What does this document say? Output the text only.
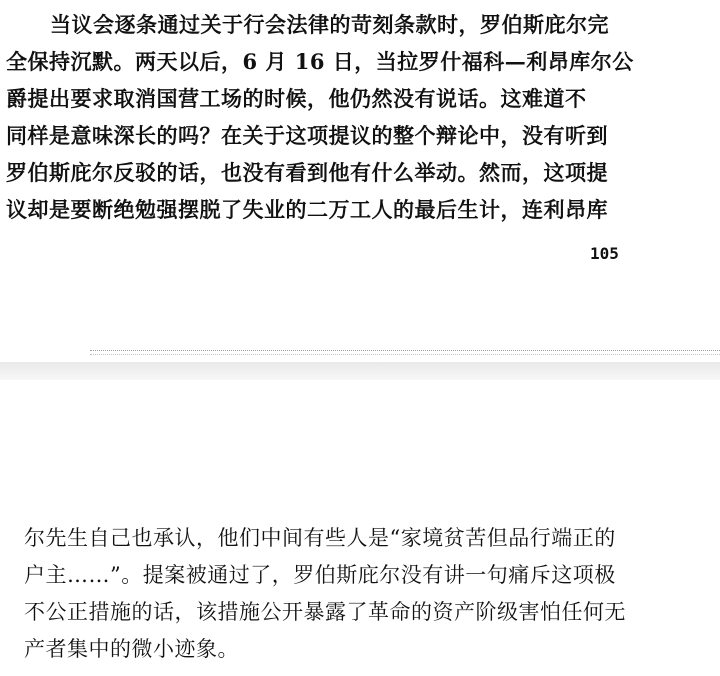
当议会逐条通过关于行会法律的苛刻条款时，罗伯斯庇尔完
全保持沉默。两天以后，6 月 16 日，当拉罗什福科—利昂库尔公
爵提出要求取消国营工场的时候，他仍然没有说话。这难道不
同样是意味深长的吗？在关于这项提议的整个辩论中，没有听到
罗伯斯庇尔反驳的话，也没有看到他有什么举动。然而，这项提
议却是要断绝勉强摆脱了失业的二万工人的最后生计，连利昂库
105
尔先生自己也承认，他们中间有些人是“家境贫苦但品行端正的
户主……”。提案被通过了，罗伯斯庇尔没有讲一句痛斥这项极
不公正措施的话，该措施公开暴露了革命的资产阶级害怕任何无
产者集中的微小迹象。
